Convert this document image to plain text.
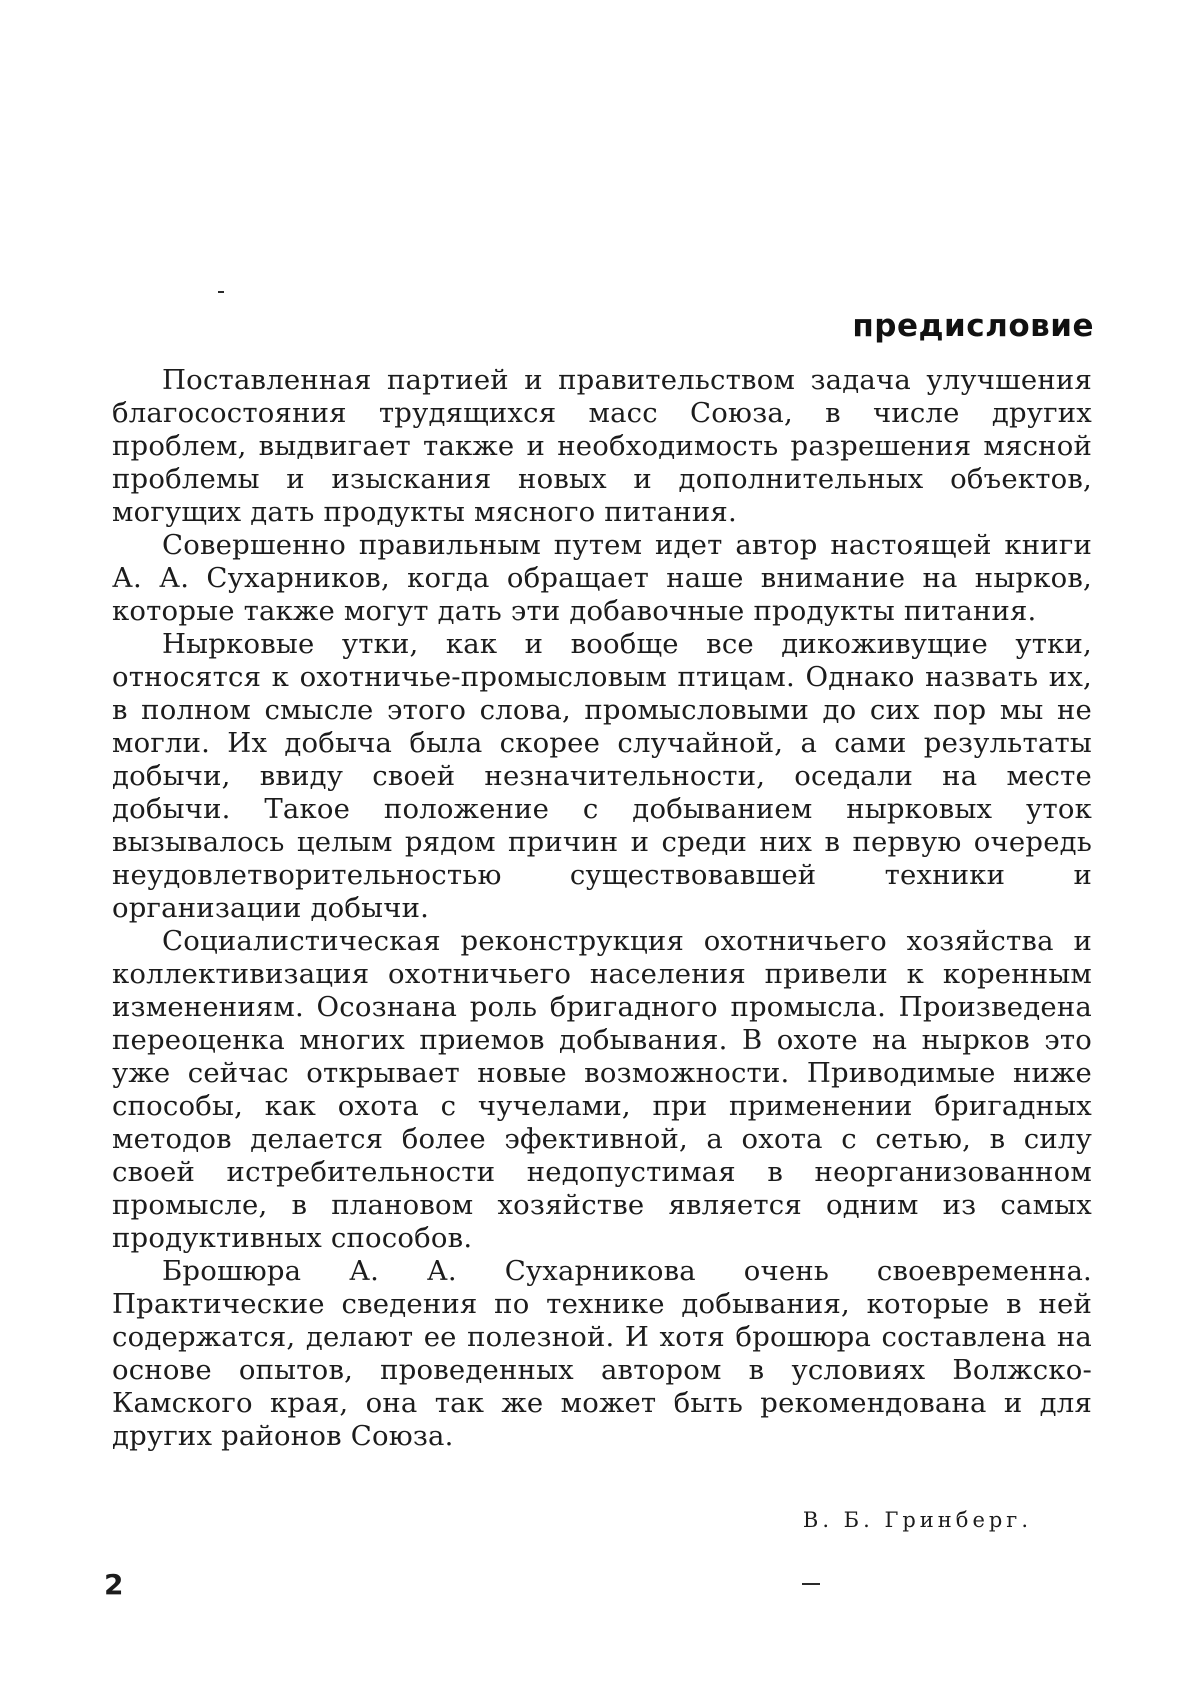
предисловие

Поставленная партией и правительством задача улучшения благосостояния трудящихся масс Союза, в числе других проблем, выдвигает также и необходимость разрешения мясной проблемы и изыскания новых и дополнительных объектов, могущих дать продукты мясного питания.

Совершенно правильным путем идет автор настоящей книги А. А. Сухарников, когда обращает наше внимание на нырков, которые также могут дать эти добавочные продукты питания.

Нырковые утки, как и вообще все дикоживущие утки, относятся к охотничье-промысловым птицам. Однако назвать их, в полном смысле этого слова, промысловыми до сих пор мы не могли. Их добыча была скорее случайной, а сами результаты добычи, ввиду своей незначительности, оседали на месте добычи. Такое положение с добыванием нырковых уток вызывалось целым рядом причин и среди них в первую очередь неудовлетворительностью существовавшей техники и организации добычи.

Социалистическая реконструкция охотничьего хозяйства и коллективизация охотничьего населения привели к коренным изменениям. Осознана роль бригадного промысла. Произведена переоценка многих приемов добывания. В охоте на нырков это уже сейчас открывает новые возможности. Приводимые ниже способы, как охота с чучелами, при применении бригадных методов делается более эфективной, а охота с сетью, в силу своей истребительности недопустимая в неорганизованном промысле, в плановом хозяйстве является одним из самых продуктивных способов.

Брошюра А. А. Сухарникова очень своевременна. Практические сведения по технике добывания, которые в ней содержатся, делают ее полезной. И хотя брошюра составлена на основе опытов, проведенных автором в условиях Волжско-Камского края, она так же может быть рекомендована и для других районов Союза.

В. Б. Гринберг.
2
